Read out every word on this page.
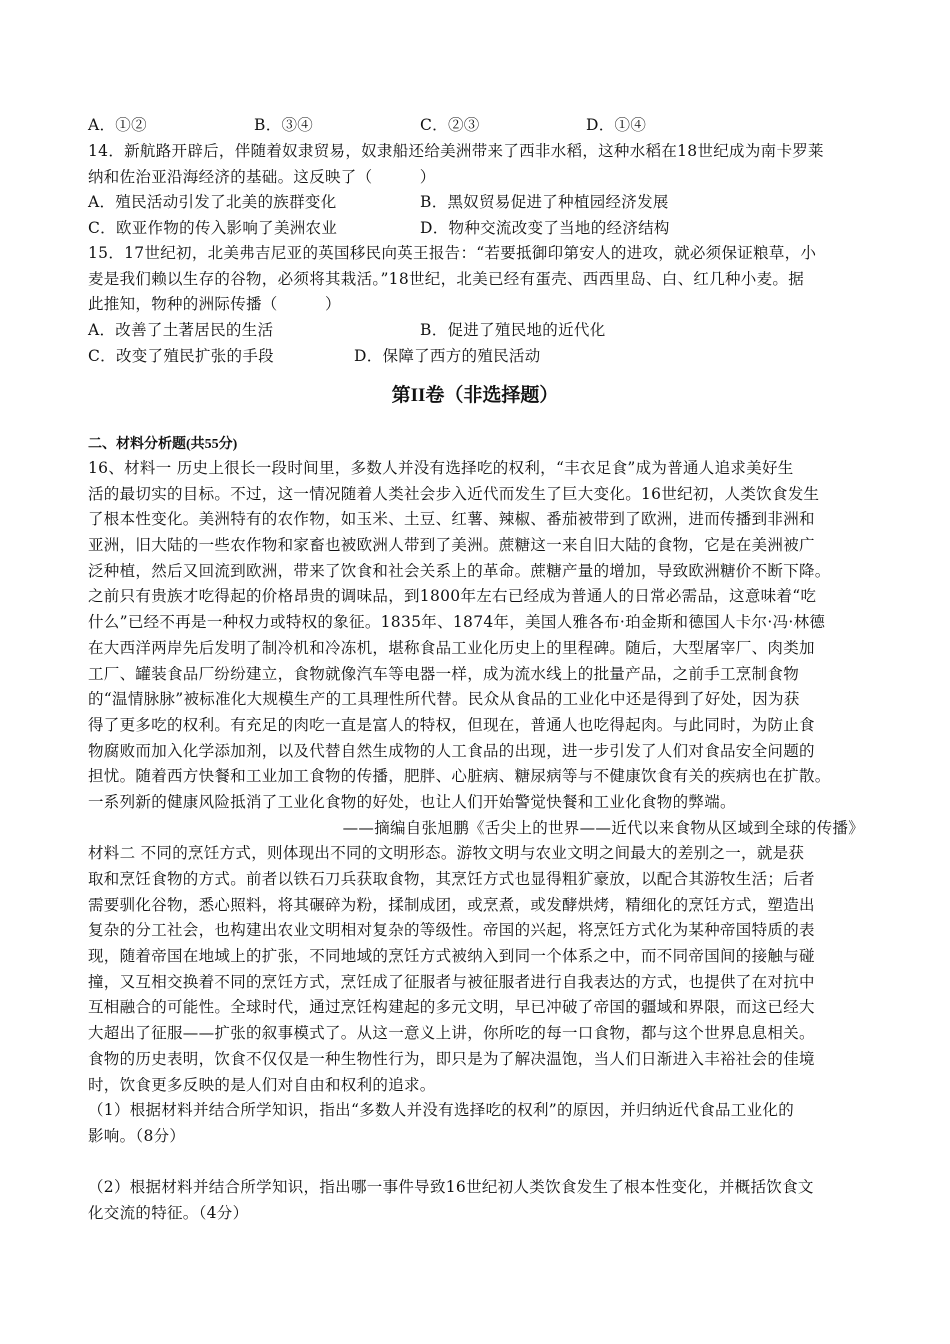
A．①②	B．③④	C．②③	D．①④
14．新航路开辟后，伴随着奴隶贸易，奴隶船还给美洲带来了西非水稻，这种水稻在18世纪成为南卡罗莱
纳和佐治亚沿海经济的基础。这反映了（　　　）
A．殖民活动引发了北美的族群变化	B．黑奴贸易促进了种植园经济发展
C．欧亚作物的传入影响了美洲农业	D．物种交流改变了当地的经济结构
15．17世纪初，北美弗吉尼亚的英国移民向英王报告：“若要抵御印第安人的进攻，就必须保证粮草，小
麦是我们赖以生存的谷物，必须将其栽活。”18世纪，北美已经有蛋壳、西西里岛、白、红几种小麦。据
此推知，物种的洲际传播（　　　）
A．改善了土著居民的生活	B．促进了殖民地的近代化
C．改变了殖民扩张的手段	D．保障了西方的殖民活动
第II卷（非选择题）
二、材料分析题(共55分)
16、材料一 历史上很长一段时间里，多数人并没有选择吃的权利，“丰衣足食”成为普通人追求美好生
活的最切实的目标。不过，这一情况随着人类社会步入近代而发生了巨大变化。16世纪初，人类饮食发生
了根本性变化。美洲特有的农作物，如玉米、土豆、红薯、辣椒、番茄被带到了欧洲，进而传播到非洲和
亚洲，旧大陆的一些农作物和家畜也被欧洲人带到了美洲。蔗糖这一来自旧大陆的食物，它是在美洲被广
泛种植，然后又回流到欧洲，带来了饮食和社会关系上的革命。蔗糖产量的增加，导致欧洲糖价不断下降。
之前只有贵族才吃得起的价格昂贵的调味品，到1800年左右已经成为普通人的日常必需品，这意味着“吃
什么”已经不再是一种权力或特权的象征。1835年、1874年，美国人雅各布·珀金斯和德国人卡尔·冯·林德
在大西洋两岸先后发明了制冷机和冷冻机，堪称食品工业化历史上的里程碑。随后，大型屠宰厂、肉类加
工厂、罐装食品厂纷纷建立，食物就像汽车等电器一样，成为流水线上的批量产品，之前手工烹制食物
的“温情脉脉”被标准化大规模生产的工具理性所代替。民众从食品的工业化中还是得到了好处，因为获
得了更多吃的权利。有充足的肉吃一直是富人的特权，但现在，普通人也吃得起肉。与此同时，为防止食
物腐败而加入化学添加剂，以及代替自然生成物的人工食品的出现，进一步引发了人们对食品安全问题的
担忧。随着西方快餐和工业加工食物的传播，肥胖、心脏病、糖尿病等与不健康饮食有关的疾病也在扩散。
一系列新的健康风险抵消了工业化食物的好处，也让人们开始警觉快餐和工业化食物的弊端。
——摘编自张旭鹏《舌尖上的世界——近代以来食物从区域到全球的传播》
材料二 不同的烹饪方式，则体现出不同的文明形态。游牧文明与农业文明之间最大的差别之一，就是获
取和烹饪食物的方式。前者以铁石刀兵获取食物，其烹饪方式也显得粗犷豪放，以配合其游牧生活；后者
需要驯化谷物，悉心照料，将其碾碎为粉，揉制成团，或烹煮，或发酵烘烤，精细化的烹饪方式，塑造出
复杂的分工社会，也构建出农业文明相对复杂的等级性。帝国的兴起，将烹饪方式化为某种帝国特质的表
现，随着帝国在地域上的扩张，不同地域的烹饪方式被纳入到同一个体系之中，而不同帝国间的接触与碰
撞，又互相交换着不同的烹饪方式，烹饪成了征服者与被征服者进行自我表达的方式，也提供了在对抗中
互相融合的可能性。全球时代，通过烹饪构建起的多元文明，早已冲破了帝国的疆域和界限，而这已经大
大超出了征服——扩张的叙事模式了。从这一意义上讲，你所吃的每一口食物，都与这个世界息息相关。
食物的历史表明，饮食不仅仅是一种生物性行为，即只是为了解决温饱，当人们日渐进入丰裕社会的佳境
时，饮食更多反映的是人们对自由和权利的追求。
（1）根据材料并结合所学知识，指出“多数人并没有选择吃的权利”的原因，并归纳近代食品工业化的
影响。（8分）
（2）根据材料并结合所学知识，指出哪一事件导致16世纪初人类饮食发生了根本性变化，并概括饮食文
化交流的特征。（4分）
